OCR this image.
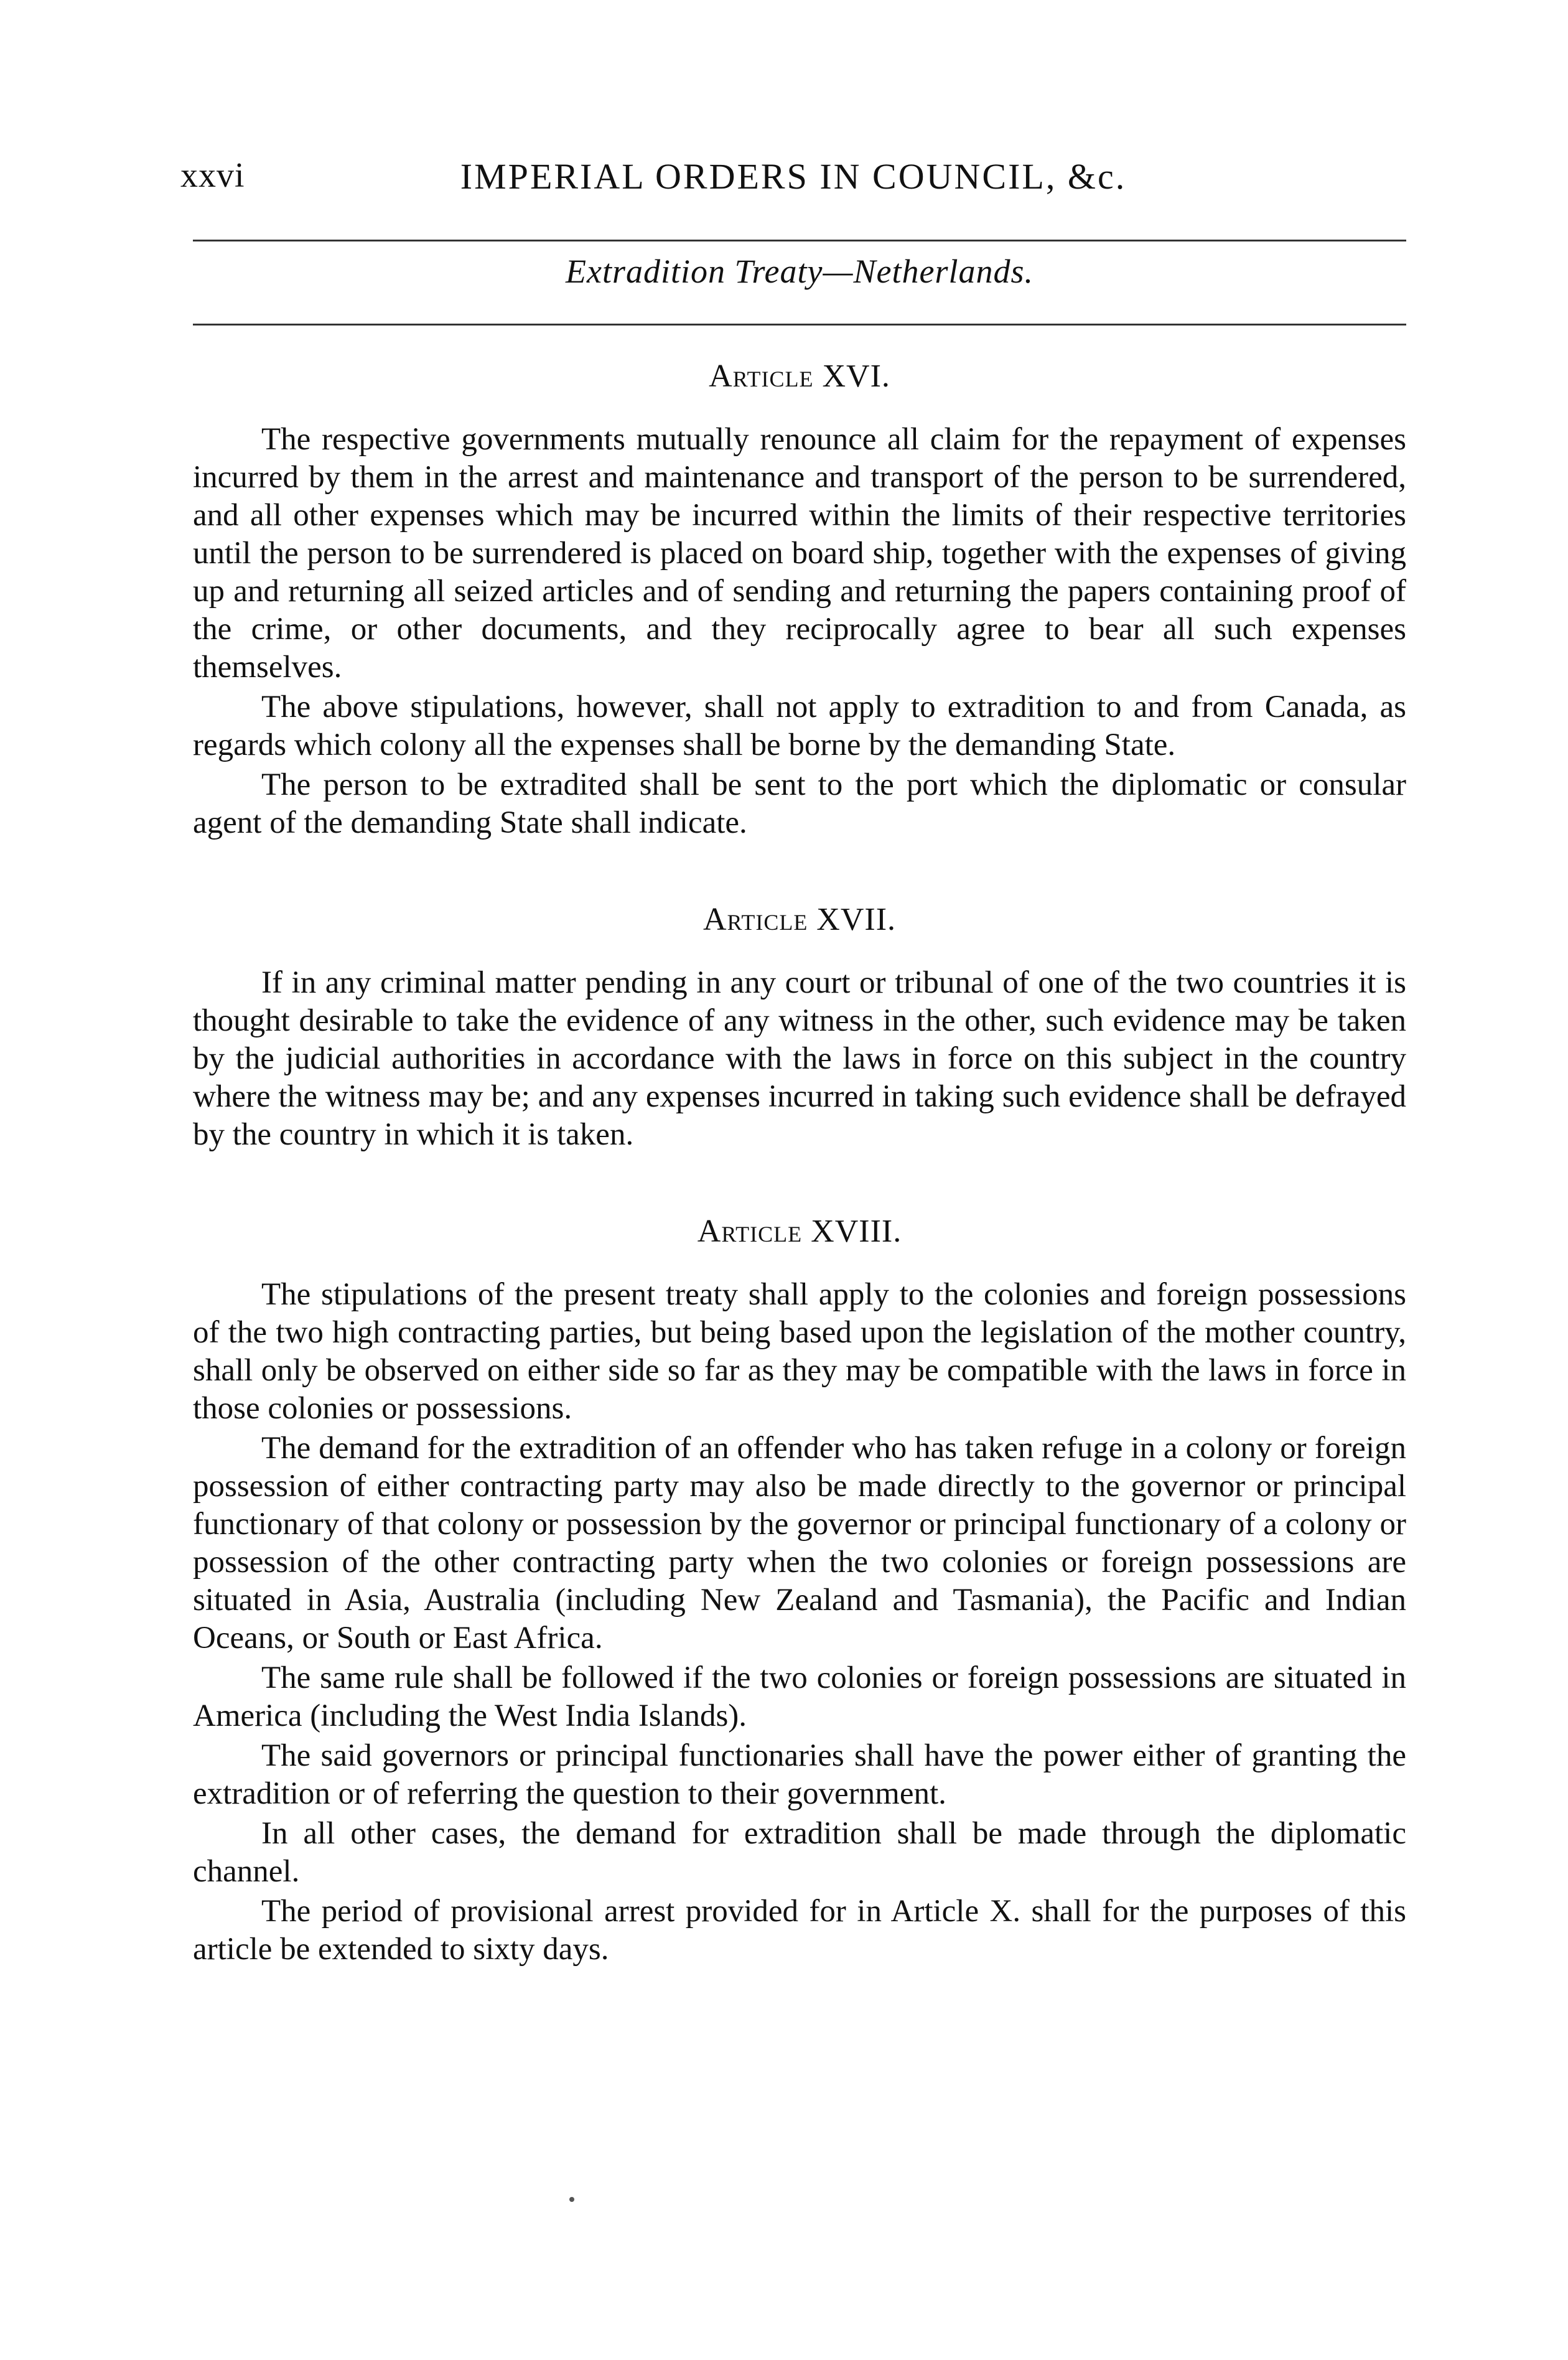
xxvi	IMPERIAL ORDERS IN COUNCIL, &c.
Extradition Treaty—Netherlands.
Article XVI.

The respective governments mutually renounce all claim for the repayment of expenses incurred by them in the arrest and maintenance and transport of the person to be surrendered, and all other expenses which may be incurred within the limits of their respective territories until the person to be surrendered is placed on board ship, together with the expenses of giving up and returning all seized articles and of sending and returning the papers containing proof of the crime, or other documents, and they reciprocally agree to bear all such expenses themselves.

The above stipulations, however, shall not apply to extradition to and from Canada, as regards which colony all the expenses shall be borne by the demanding State.

The person to be extradited shall be sent to the port which the diplomatic or consular agent of the demanding State shall indicate.

Article XVII.

If in any criminal matter pending in any court or tribunal of one of the two countries it is thought desirable to take the evidence of any witness in the other, such evidence may be taken by the judicial authorities in accordance with the laws in force on this subject in the country where the witness may be; and any expenses incurred in taking such evidence shall be defrayed by the country in which it is taken.

Article XVIII.

The stipulations of the present treaty shall apply to the colonies and foreign possessions of the two high contracting parties, but being based upon the legislation of the mother country, shall only be observed on either side so far as they may be compatible with the laws in force in those colonies or possessions.

The demand for the extradition of an offender who has taken refuge in a colony or foreign possession of either contracting party may also be made directly to the governor or principal functionary of that colony or possession by the governor or principal functionary of a colony or possession of the other contracting party when the two colonies or foreign possessions are situated in Asia, Australia (including New Zealand and Tasmania), the Pacific and Indian Oceans, or South or East Africa.

The same rule shall be followed if the two colonies or foreign possessions are situated in America (including the West India Islands).

The said governors or principal functionaries shall have the power either of granting the extradition or of referring the question to their government.

In all other cases, the demand for extradition shall be made through the diplomatic channel.

The period of provisional arrest provided for in Article X. shall for the purposes of this article be extended to sixty days.
